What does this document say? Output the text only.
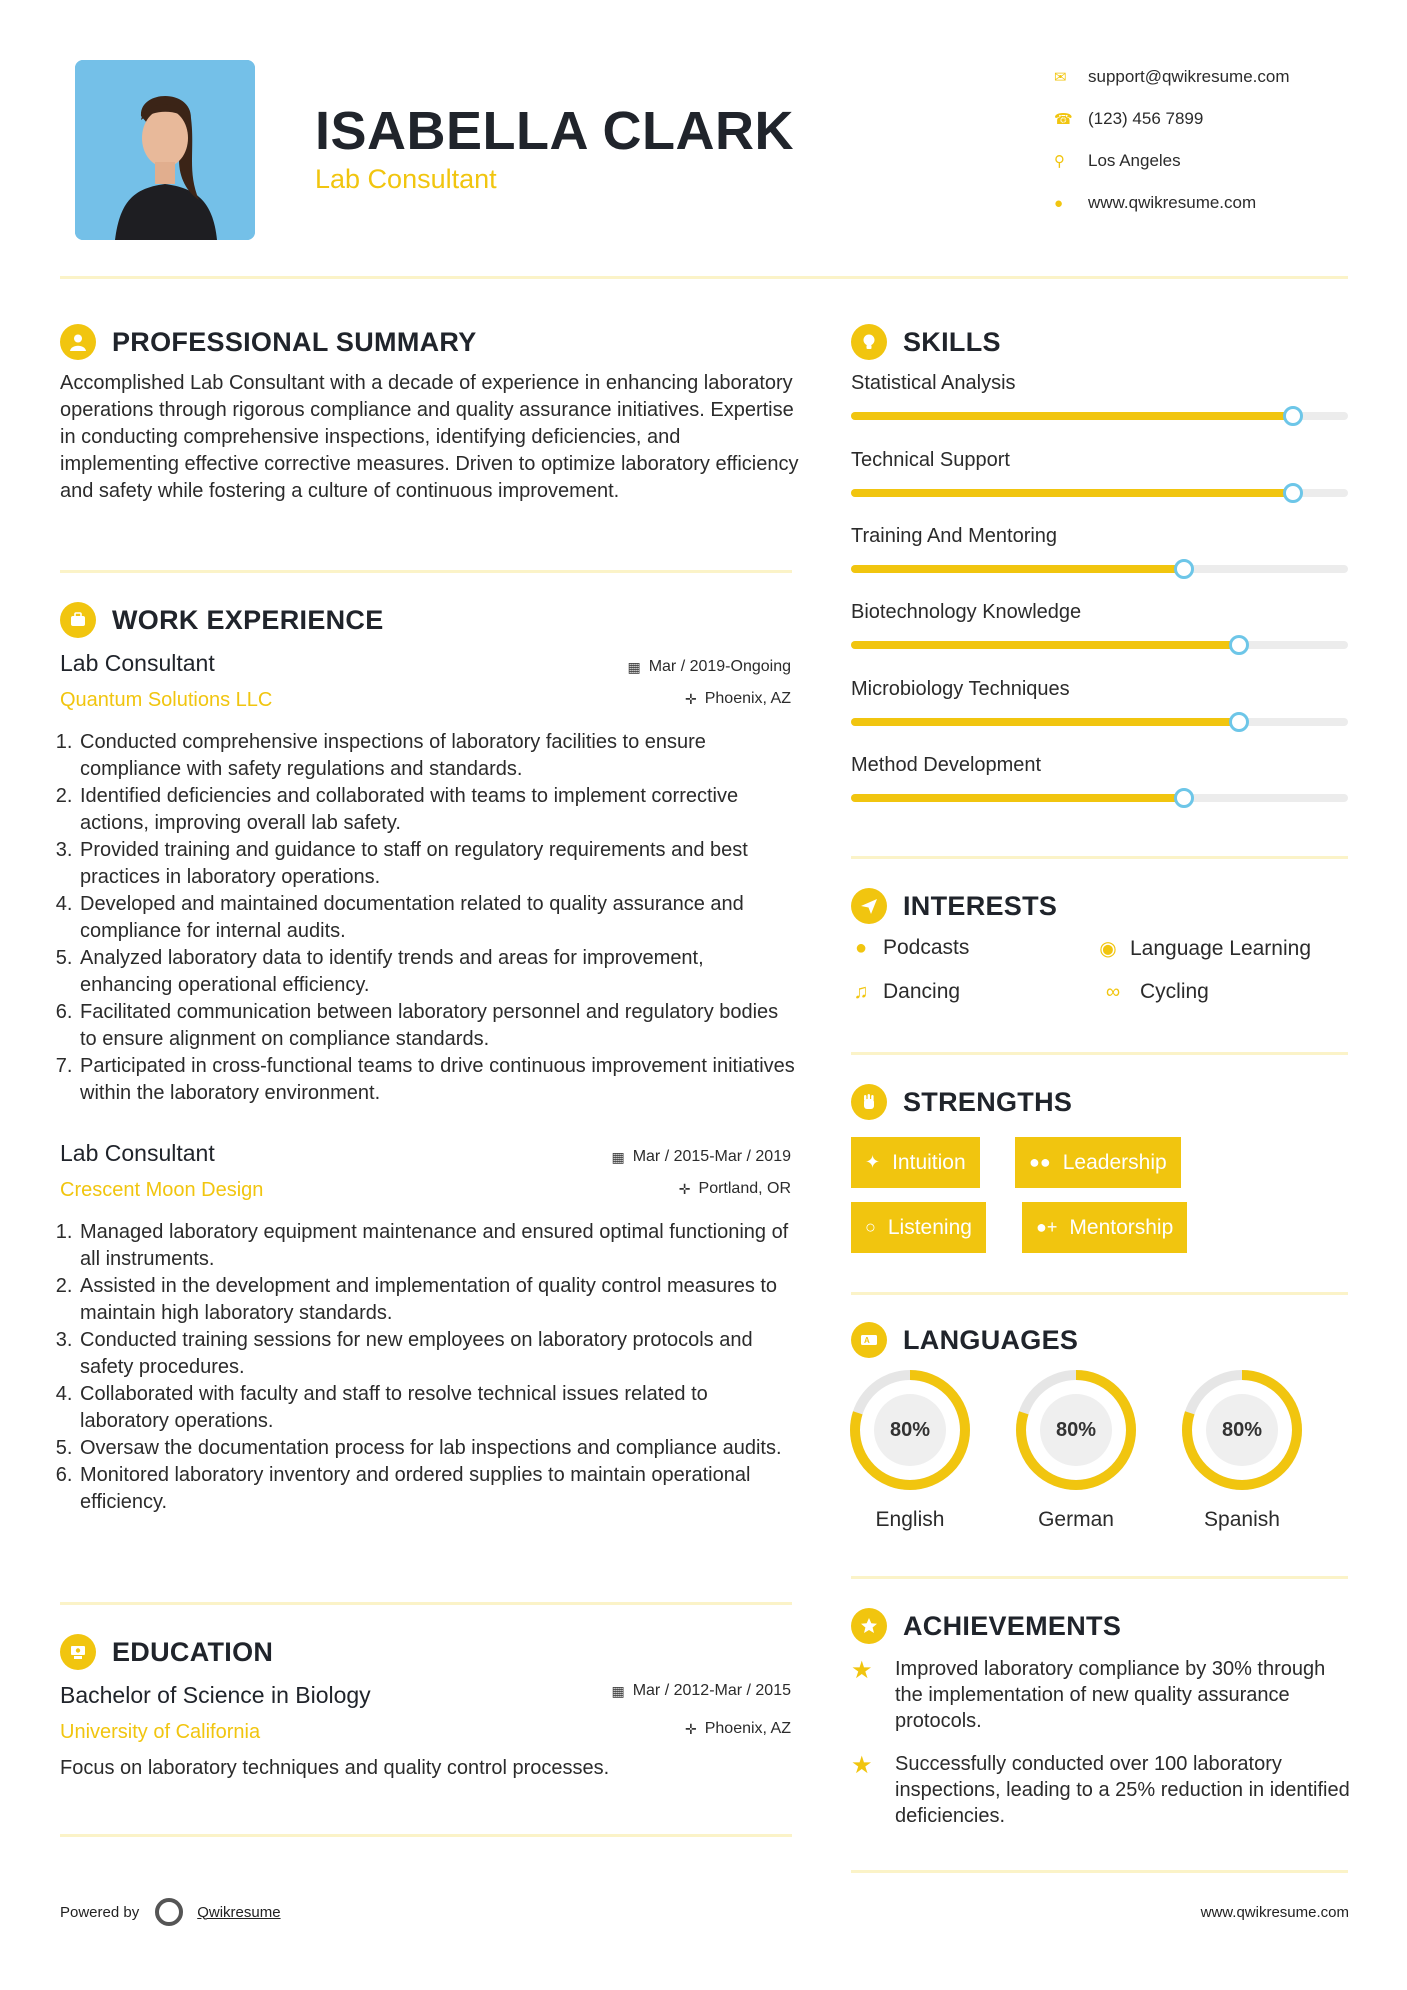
ISABELLA CLARK
Lab Consultant
✉	support@qwikresume.com
☎ (123) 456 7899
⚲	Los Angeles
●	www.qwikresume.com
PROFESSIONAL SUMMARY
Accomplished Lab Consultant with a decade of experience in enhancing laboratory operations through rigorous compliance and quality assurance initiatives. Expertise in conducting comprehensive inspections, identifying deficiencies, and implementing effective corrective measures. Driven to optimize laboratory efficiency and safety while fostering a culture of continuous improvement.
WORK EXPERIENCE
Lab Consultant
Quantum Solutions LLC
▦ Mar / 2019-Ongoing
✛ Phoenix, AZ
1. Conducted comprehensive inspections of laboratory facilities to ensure compliance with safety regulations and standards.
2. Identified deficiencies and collaborated with teams to implement corrective actions, improving overall lab safety.
3. Provided training and guidance to staff on regulatory requirements and best practices in laboratory operations.
4. Developed and maintained documentation related to quality assurance and compliance for internal audits.
5. Analyzed laboratory data to identify trends and areas for improvement, enhancing operational efficiency.
6. Facilitated communication between laboratory personnel and regulatory bodies to ensure alignment on compliance standards.
7. Participated in cross-functional teams to drive continuous improvement initiatives within the laboratory environment.
Lab Consultant
Crescent Moon Design
▦ Mar / 2015-Mar / 2019
✛ Portland, OR
1. Managed laboratory equipment maintenance and ensured optimal functioning of all instruments.
2. Assisted in the development and implementation of quality control measures to maintain high laboratory standards.
3. Conducted training sessions for new employees on laboratory protocols and safety procedures.
4. Collaborated with faculty and staff to resolve technical issues related to laboratory operations.
5. Oversaw the documentation process for lab inspections and compliance audits.
6. Monitored laboratory inventory and ordered supplies to maintain operational efficiency.
EDUCATION
Bachelor of Science in Biology
University of California
▦ Mar / 2012-Mar / 2015
✛ Phoenix, AZ
Focus on laboratory techniques and quality control processes.
SKILLS
Statistical Analysis
Technical Support
Training And Mentoring
Biotechnology Knowledge
Microbiology Techniques
Method Development
INTERESTS
● Podcasts	◉ Language Learning
♫ Dancing	∞ Cycling
STRENGTHS
✦ Intuition	●● Leadership
○ Listening	●+ Mentorship
A LANGUAGES
80%
English
80%
German
80%
Spanish
ACHIEVEMENTS
★	Improved laboratory compliance by 30% through the implementation of new quality assurance protocols.
★	Successfully conducted over 100 laboratory inspections, leading to a 25% reduction in identified deficiencies.
Powered by	Qwikresume	www.qwikresume.com
